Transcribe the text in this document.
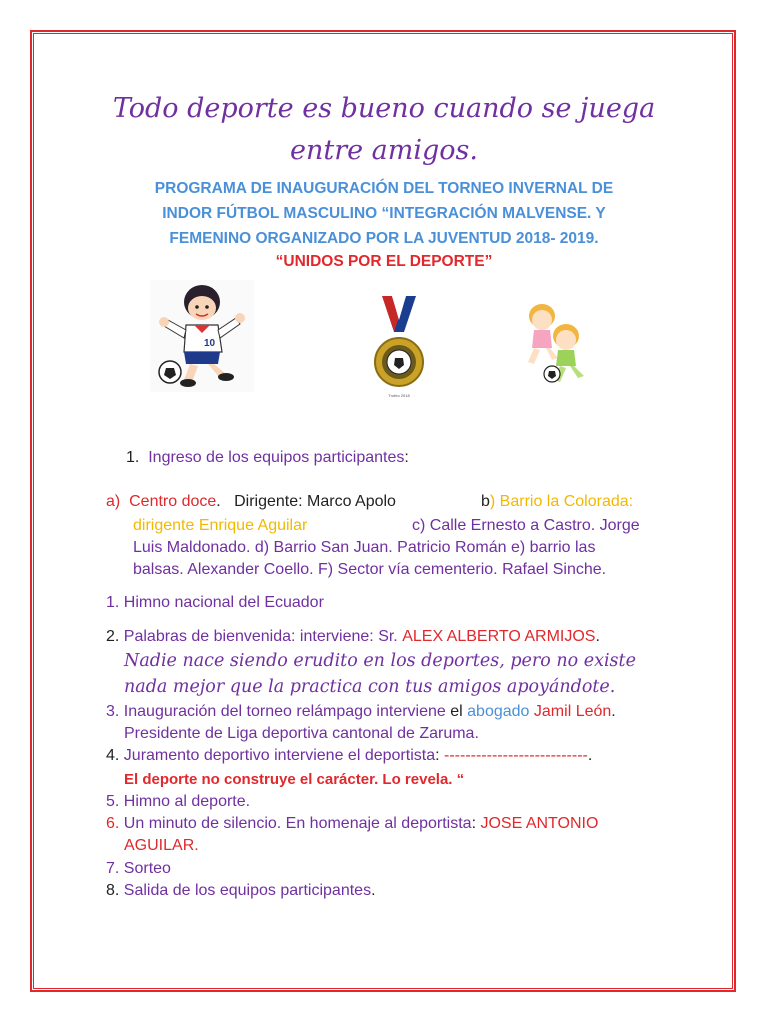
Todo deporte es bueno cuando se juega
entre amigos.
PROGRAMA DE INAUGURACIÓN DEL TORNEO INVERNAL DE
INDOR FÚTBOL MASCULINO “INTEGRACIÓN MALVENSE. Y
FEMENINO ORGANIZADO POR LA JUVENTUD 2018- 2019.
“UNIDOS POR EL DEPORTE”
10
Trofeo 2018
1. Ingreso de los equipos participantes:
a) Centro doce. Dirigente: Marco Apolo	b) Barrio la Colorada:
dirigente Enrique Aguilar	c) Calle Ernesto a Castro. Jorge
Luis Maldonado. d) Barrio San Juan. Patricio Román e) barrio las
balsas. Alexander Coello. F) Sector vía cementerio. Rafael Sinche.
1. Himno nacional del Ecuador
2. Palabras de bienvenida: interviene: Sr. ALEX ALBERTO ARMIJOS.
Nadie nace siendo erudito en los deportes, pero no existe
nada mejor que la practica con tus amigos apoyándote.
3. Inauguración del torneo relámpago interviene el abogado Jamil León.
Presidente de Liga deportiva cantonal de Zaruma.
4. Juramento deportivo interviene el deportista: ---------------------------.
El deporte no construye el carácter. Lo revela. “
5. Himno al deporte.
6. Un minuto de silencio. En homenaje al deportista: JOSE ANTONIO
AGUILAR.
7. Sorteo
8. Salida de los equipos participantes.
